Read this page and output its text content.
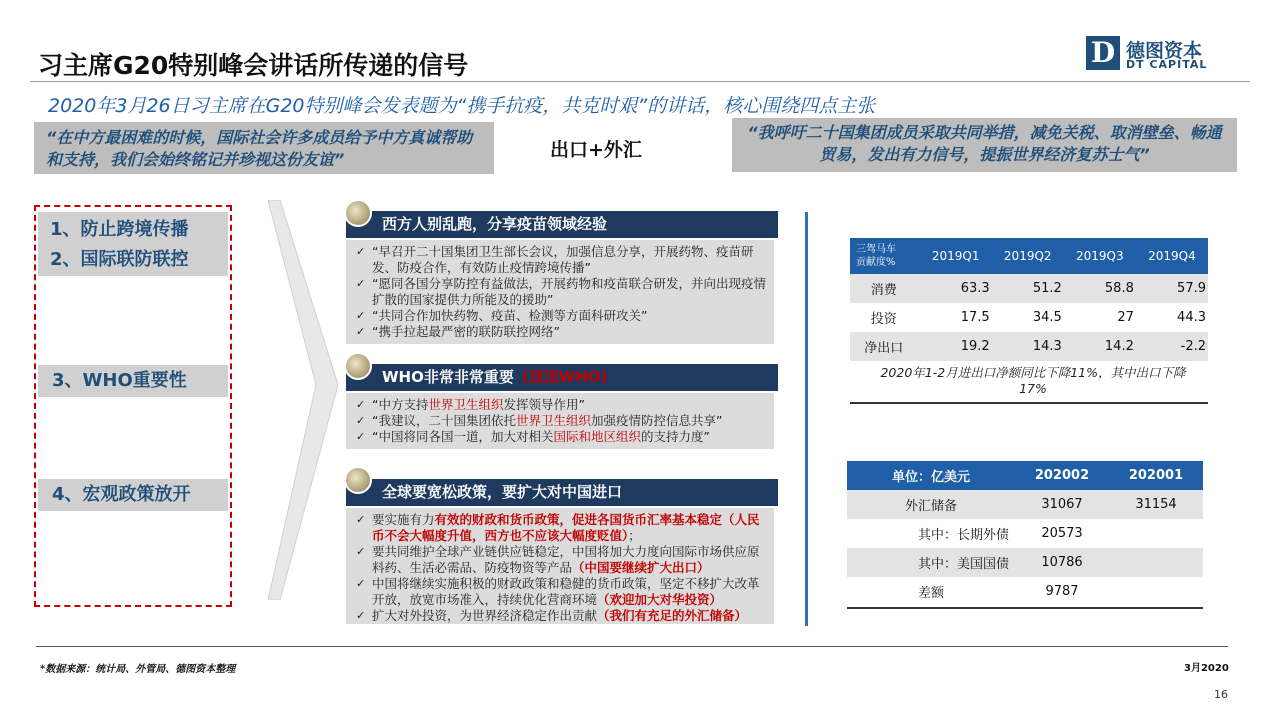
习主席G20特别峰会讲话所传递的信号	D 德图资本
DT CAPITAL
2020年3月26日习主席在G20特别峰会发表题为“携手抗疫，共克时艰”的讲话，核心围绕四点主张
“在中方最困难的时候，国际社会许多成员给予中方真诚帮助和支持，我们会始终铭记并珍视这份友谊”	出口+外汇
“我呼吁二十国集团成员采取共同举措，减免关税、取消壁垒、畅通贸易，发出有力信号，提振世界经济复苏士气”
1、防止跨境传播
2、国际联防联控
3、WHO重要性
4、宏观政策放开
西方人别乱跑，分享疫苗领域经验
✓ “早召开二十国集团卫生部长会议，加强信息分享，开展药物、疫苗研发、防疫合作，有效防止疫情跨境传播”
✓ “愿同各国分享防控有益做法，开展药物和疫苗联合研发，并向出现疫情扩散的国家提供力所能及的援助”
✓ “共同合作加快药物、疫苗、检测等方面科研攻关”
✓ “携手拉起最严密的联防联控网络”
WHO非常非常重要 (顶顶WHO)
✓ “中方支持世界卫生组织发挥领导作用”
✓ “我建议，二十国集团依托世界卫生组织加强疫情防控信息共享”
✓ “中国将同各国一道，加大对相关国际和地区组织的支持力度”
全球要宽松政策，要扩大对中国进口
✓ 要实施有力有效的财政和货币政策，促进各国货币汇率基本稳定（人民币不会大幅度升值，西方也不应该大幅度贬值）；
✓ 要共同维护全球产业链供应链稳定，中国将加大力度向国际市场供应原料药、生活必需品、防疫物资等产品（中国要继续扩大出口）
✓ 中国将继续实施积极的财政政策和稳健的货币政策，坚定不移扩大改革开放，放宽市场准入，持续优化营商环境（欢迎加大对华投资）
✓ 扩大对外投资，为世界经济稳定作出贡献（我们有充足的外汇储备）
三驾马车
贡献度%	2019Q1	2019Q2	2019Q3	2019Q4
消费	63.3	51.2	58.8	57.9
投资	17.5	34.5	27	44.3
净出口	19.2	14.3	14.2	-2.2
2020年1-2月进出口净额同比下降11%，其中出口下降17%
单位：亿美元	202002	202001
外汇储备	31067	31154
其中：长期外债	20573	
其中：美国国债	10786	
差额	9787	
*数据来源：统计局、外管局、德图资本整理	3月2020
16
